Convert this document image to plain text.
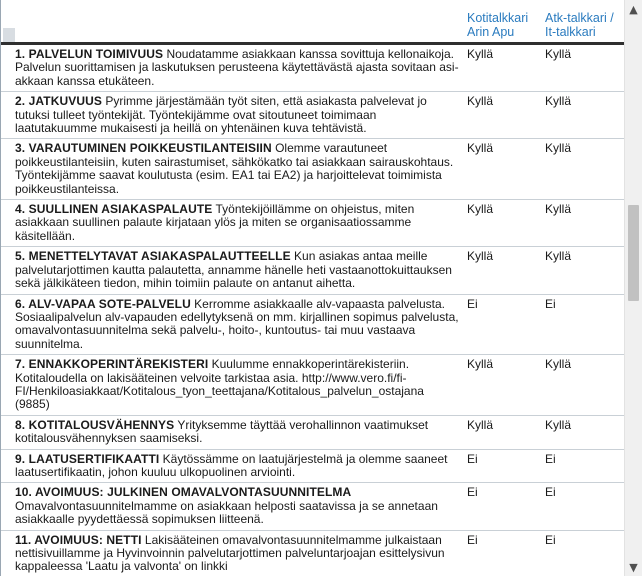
	Kotitalkkari Arin Apu	Atk-talkkari / It-talkkari
1. PALVELUN TOIMIVUUS Noudatamme asiakkaan kanssa sovittuja kellonaikoja. Palvelun suorittamisen ja laskutuksen perusteena käytettävästä ajasta sovitaan asi-akkaan kanssa etukäteen.	Kyllä	Kyllä
2. JATKUVUUS Pyrimme järjestämään työt siten, että asiakasta palvelevat jo tutuksi tulleet työntekijät. Työntekijämme ovat sitoutuneet toimimaan laatutakuumme mukaisesti ja heillä on yhtenäinen kuva tehtävistä.	Kyllä	Kyllä
3. VARAUTUMINEN POIKKEUSTILANTEISIIN Olemme varautuneet poikkeustilanteisiin, kuten sairastumiset, sähkökatko tai asiakkaan sairauskohtaus. Työntekijämme saavat koulutusta (esim. EA1 tai EA2) ja harjoittelevat toimimista poikkeustilanteissa.	Kyllä	Kyllä
4. SUULLINEN ASIAKASPALAUTE Työntekijöillämme on ohjeistus, miten asiakkaan suullinen palaute kirjataan ylös ja miten se organisaatiossamme käsitellään.	Kyllä	Kyllä
5. MENETTELYTAVAT ASIAKASPALAUTTEELLE Kun asiakas antaa meille palvelutarjottimen kautta palautetta, annamme hänelle heti vastaanottokuittauksen sekä jälkikäteen tiedon, mihin toimiin palaute on antanut aihetta.	Kyllä	Kyllä
6. ALV-VAPAA SOTE-PALVELU Kerromme asiakkaalle alv-vapaasta palvelusta. Sosiaalipalvelun alv-vapauden edellytyksenä on mm. kirjallinen sopimus palvelusta, omavalvontasuunnitelma sekä palvelu-, hoito-, kuntoutus- tai muu vastaava suunnitelma.	Ei	Ei
7. ENNAKKOPERINTÄREKISTERI Kuulumme ennakkoperintärekisteriin. Kotitaloudella on lakisääteinen velvoite tarkistaa asia. http://www.vero.fi/fi-FI/Henkiloasiakkaat/Kotitalous_tyon_teettajana/Kotitalous_palvelun_ostajana (9885)	Kyllä	Kyllä
8. KOTITALOUSVÄHENNYS Yrityksemme täyttää verohallinnon vaatimukset kotitalousvähennyksen saamiseksi.	Kyllä	Kyllä
9. LAATUSERTIFIKAATTI Käytössämme on laatujärjestelmä ja olemme saaneet laatusertifikaatin, johon kuuluu ulkopuolinen arviointi.	Ei	Ei
10. AVOIMUUS: JULKINEN OMAVALVONTASUUNNITELMA Omavalvontasuunnitelmamme on asiakkaan helposti saatavissa ja se annetaan asiakkaalle pyydettäessä sopimuksen liitteenä.	Ei	Ei
11. AVOIMUUS: NETTI Lakisääteinen omavalvontasuunnitelmamme julkaistaan nettisivuillamme ja Hyvinvoinnin palvelutarjottimen palveluntarjoajan esittelysivun kappaleessa 'Laatu ja valvonta' on linkki	Ei	Ei
▲
▼
